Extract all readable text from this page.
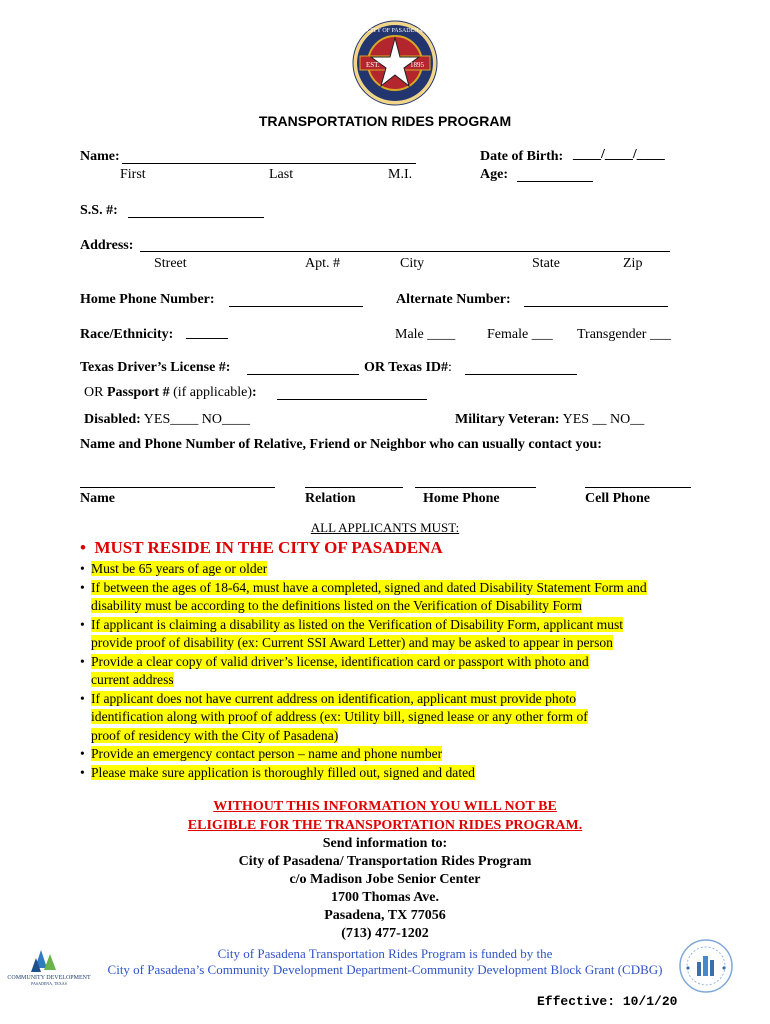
EST.	1895
CITY OF PASADENA
TRANSPORTATION RIDES PROGRAM
Name:
First	Last	M.I.
Date of Birth: ____/____/____
Age:
S.S. #:
Address:
Street	Apt. #	City	State	Zip
Home Phone Number:	Alternate Number:
Race/Ethnicity: ______	Male ____ Female ___ Transgender ___
Texas Driver’s License #:	OR Texas ID#:
OR Passport # (if applicable):
Disabled: YES____ NO____	Military Veteran: YES __ NO__
Name and Phone Number of Relative, Friend or Neighbor who can usually contact you:
Name	Relation	Home Phone	Cell Phone
ALL APPLICANTS MUST:
•  MUST RESIDE IN THE CITY OF PASADENA
• Must be 65 years of age or older
• If between the ages of 18-64, must have a completed, signed and dated Disability Statement Form and
disability must be according to the definitions listed on the Verification of Disability Form
• If applicant is claiming a disability as listed on the Verification of Disability Form, applicant must
provide proof of disability (ex: Current SSI Award Letter) and may be asked to appear in person
• Provide a clear copy of valid driver’s license, identification card or passport with photo and
current address
• If applicant does not have current address on identification, applicant must provide photo
identification along with proof of address (ex: Utility bill, signed lease or any other form of
proof of residency with the City of Pasadena)
• Provide an emergency contact person – name and phone number
• Please make sure application is thoroughly filled out, signed and dated
WITHOUT THIS INFORMATION YOU WILL NOT BE
ELIGIBLE FOR THE TRANSPORTATION RIDES PROGRAM.
Send information to:
City of Pasadena/ Transportation Rides Program
c/o Madison Jobe Senior Center
1700 Thomas Ave.
Pasadena, TX 77056
(713) 477-1202
City of Pasadena Transportation Rides Program is funded by the
City of Pasadena’s Community Development Department-Community Development Block Grant (CDBG)
COMMUNITY DEVELOPMENT
PASADENA, TEXAS
Effective: 10/1/20
